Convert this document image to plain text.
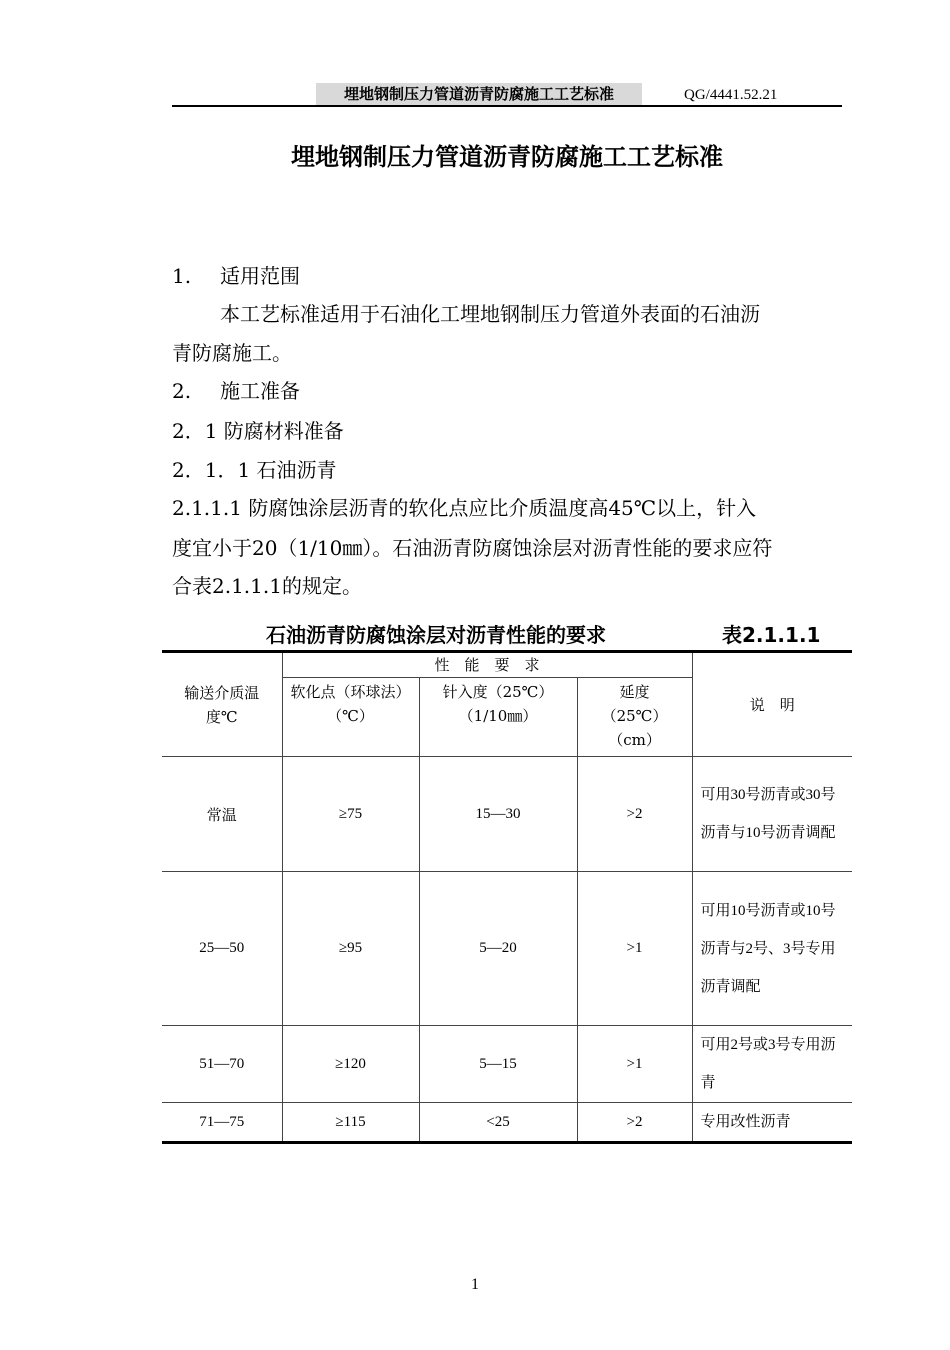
埋地钢制压力管道沥青防腐施工工艺标准	QG/4441.52.21
埋地钢制压力管道沥青防腐施工工艺标准
1. 适用范围
本工艺标准适用于石油化工埋地钢制压力管道外表面的石油沥
青防腐施工。
2. 施工准备
2．1 防腐材料准备
2．1．1 石油沥青
2.1.1.1 防腐蚀涂层沥青的软化点应比介质温度高45℃以上，针入
度宜小于20（1/10㎜）。石油沥青防腐蚀涂层对沥青性能的要求应符
合表2.1.1.1的规定。
石油沥青防腐蚀涂层对沥青性能的要求	表2.1.1.1
输送介质温度℃	性　能　要　求			说　明
	软化点（环球法）（℃）	针入度（25℃）（1/10㎜）	延度（25℃）（cm）	
常温	≥75	15—30	>2	可用30号沥青或30号沥青与10号沥青调配
25—50	≥95	5—20	>1	可用10号沥青或10号沥青与2号、3号专用沥青调配
51—70	≥120	5—15	>1	可用2号或3号专用沥青
71—75	≥115	<25	>2	专用改性沥青
1
